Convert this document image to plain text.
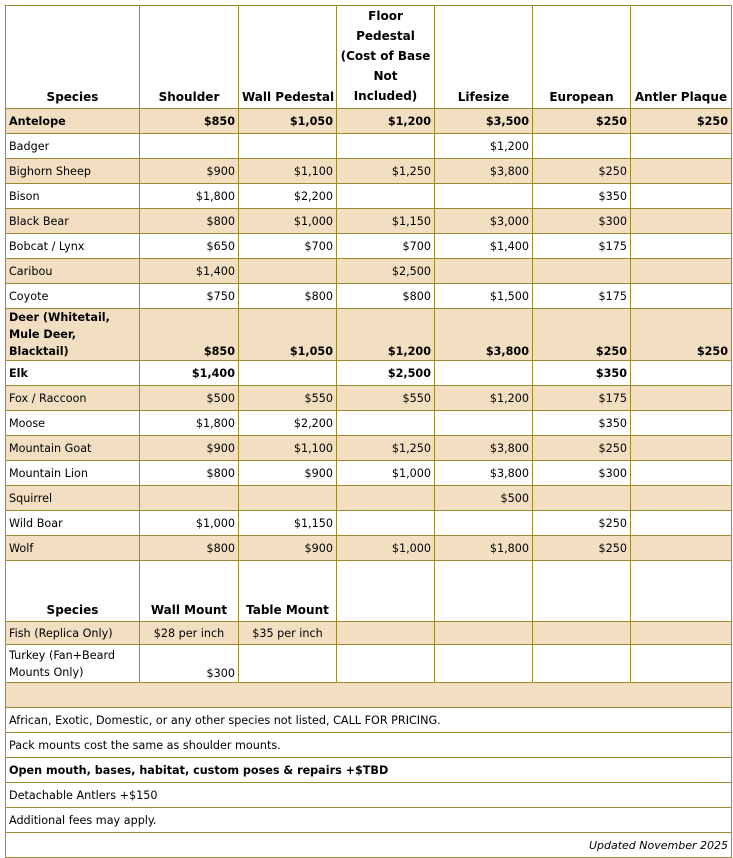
Species	Shoulder	Wall Pedestal	Floor Pedestal (Cost of Base Not Included)	Lifesize	European	Antler Plaque
Antelope	$850	$1,050	$1,200	$3,500	$250	$250
Badger				$1,200		
Bighorn Sheep	$900	$1,100	$1,250	$3,800	$250	
Bison	$1,800	$2,200			$350	
Black Bear	$800	$1,000	$1,150	$3,000	$300	
Bobcat / Lynx	$650	$700	$700	$1,400	$175	
Caribou	$1,400		$2,500			
Coyote	$750	$800	$800	$1,500	$175	
Deer (Whitetail, Mule Deer, Blacktail)	$850	$1,050	$1,200	$3,800	$250	$250
Elk	$1,400		$2,500		$350	
Fox / Raccoon	$500	$550	$550	$1,200	$175	
Moose	$1,800	$2,200			$350	
Mountain Goat	$900	$1,100	$1,250	$3,800	$250	
Mountain Lion	$800	$900	$1,000	$3,800	$300	
Squirrel				$500		
Wild Boar	$1,000	$1,150			$250	
Wolf	$800	$900	$1,000	$1,800	$250	
Species	Wall Mount	Table Mount				
Fish (Replica Only)	$28 per inch	$35 per inch				
Turkey (Fan+Beard Mounts Only)	$300					

African, Exotic, Domestic, or any other species not listed, CALL FOR PRICING.						
Pack mounts cost the same as shoulder mounts.						
Open mouth, bases, habitat, custom poses & repairs +$TBD						
Detachable Antlers +$150						
Additional fees may apply.						
Updated November 2025						
